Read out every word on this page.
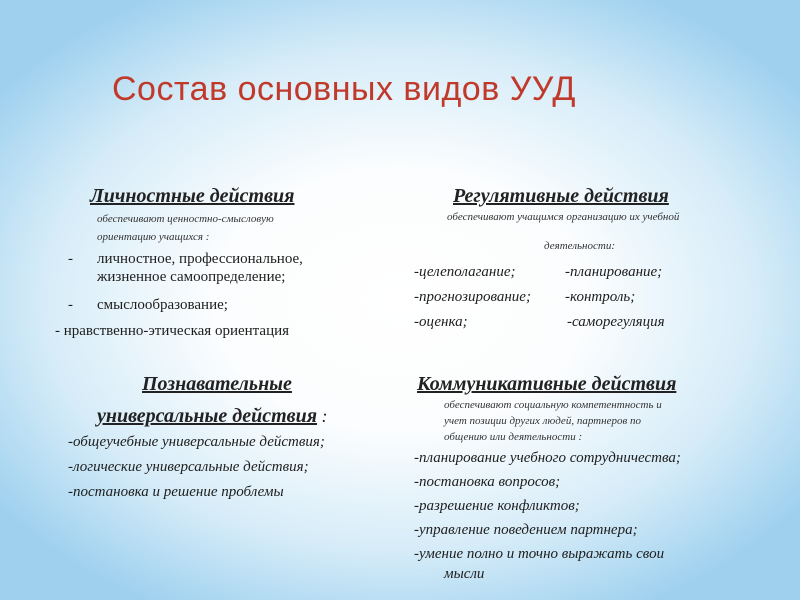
Состав основных видов УУД
Личностные действия
обеспечивают ценностно-смысловую
ориентацию учащихся :
- личностное, профессиональное,
жизненное самоопределение;
- смыслообразование;
- нравственно-этическая ориентация
Регулятивные действия
обеспечивают учащимся организацию их учебной
деятельности:
-целеполагание;	-планирование;
-прогнозирование; -контроль;
-оценка;	-саморегуляция
Познавательные
универсальные действия :
-общеучебные универсальные действия;
-логические универсальные действия;
-постановка и решение проблемы
Коммуникативные действия
обеспечивают социальную компетентность и
учет позиции других людей, партнеров по
общению или деятельности :
-планирование учебного сотрудничества;
-постановка вопросов;
-разрешение конфликтов;
-управление поведением партнера;
-умение полно и точно выражать свои
мысли
